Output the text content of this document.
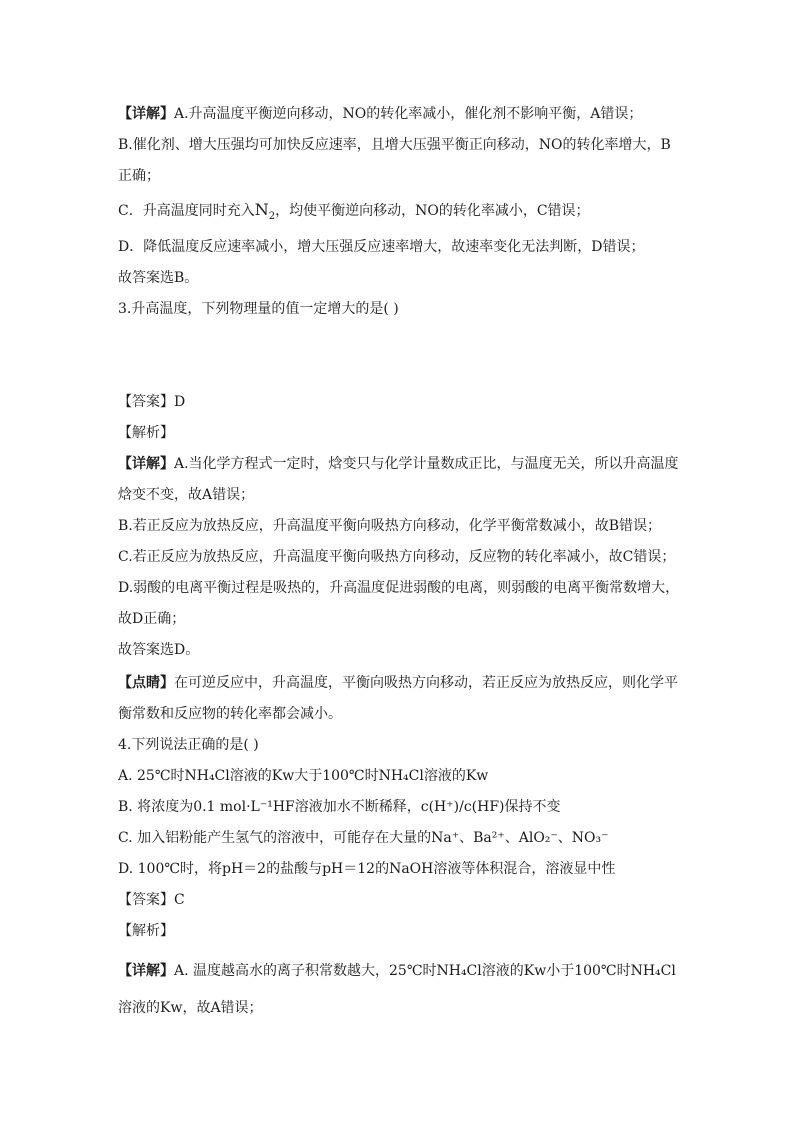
【详解】A.升高温度平衡逆向移动，NO的转化率减小，催化剂不影响平衡，A错误；
B.催化剂、增大压强均可加快反应速率，且增大压强平衡正向移动，NO的转化率增大，B
正确；
C．升高温度同时充入$N_2$，均使平衡逆向移动，NO的转化率减小，C错误；
D．降低温度反应速率减小，增大压强反应速率增大，故速率变化无法判断，D错误；
故答案选B。
3.升高温度，下列物理量的值一定增大的是( )
【答案】D
【解析】
【详解】A.当化学方程式一定时，焓变只与化学计量数成正比，与温度无关，所以升高温度
焓变不变，故A错误；
B.若正反应为放热反应，升高温度平衡向吸热方向移动，化学平衡常数减小，故B错误；
C.若正反应为放热反应，升高温度平衡向吸热方向移动，反应物的转化率减小，故C错误；
D.弱酸的电离平衡过程是吸热的，升高温度促进弱酸的电离，则弱酸的电离平衡常数增大，
故D正确；
故答案选D。
【点睛】在可逆反应中，升高温度，平衡向吸热方向移动，若正反应为放热反应，则化学平
衡常数和反应物的转化率都会减小。
4.下列说法正确的是( )
A. 25℃时NH₄Cl溶液的Kw大于100℃时NH₄Cl溶液的Kw
B. 将浓度为0.1 mol·L⁻¹HF溶液加水不断稀释，c(H⁺)/c(HF)保持不变
C. 加入铝粉能产生氢气的溶液中，可能存在大量的Na⁺、Ba²⁺、AlO₂⁻、NO₃⁻
D. 100℃时，将pH＝2的盐酸与pH＝12的NaOH溶液等体积混合，溶液显中性
【答案】C
【解析】
【详解】A. 温度越高水的离子积常数越大，25℃时NH₄Cl溶液的Kw小于100℃时NH₄Cl
溶液的Kw，故A错误；
